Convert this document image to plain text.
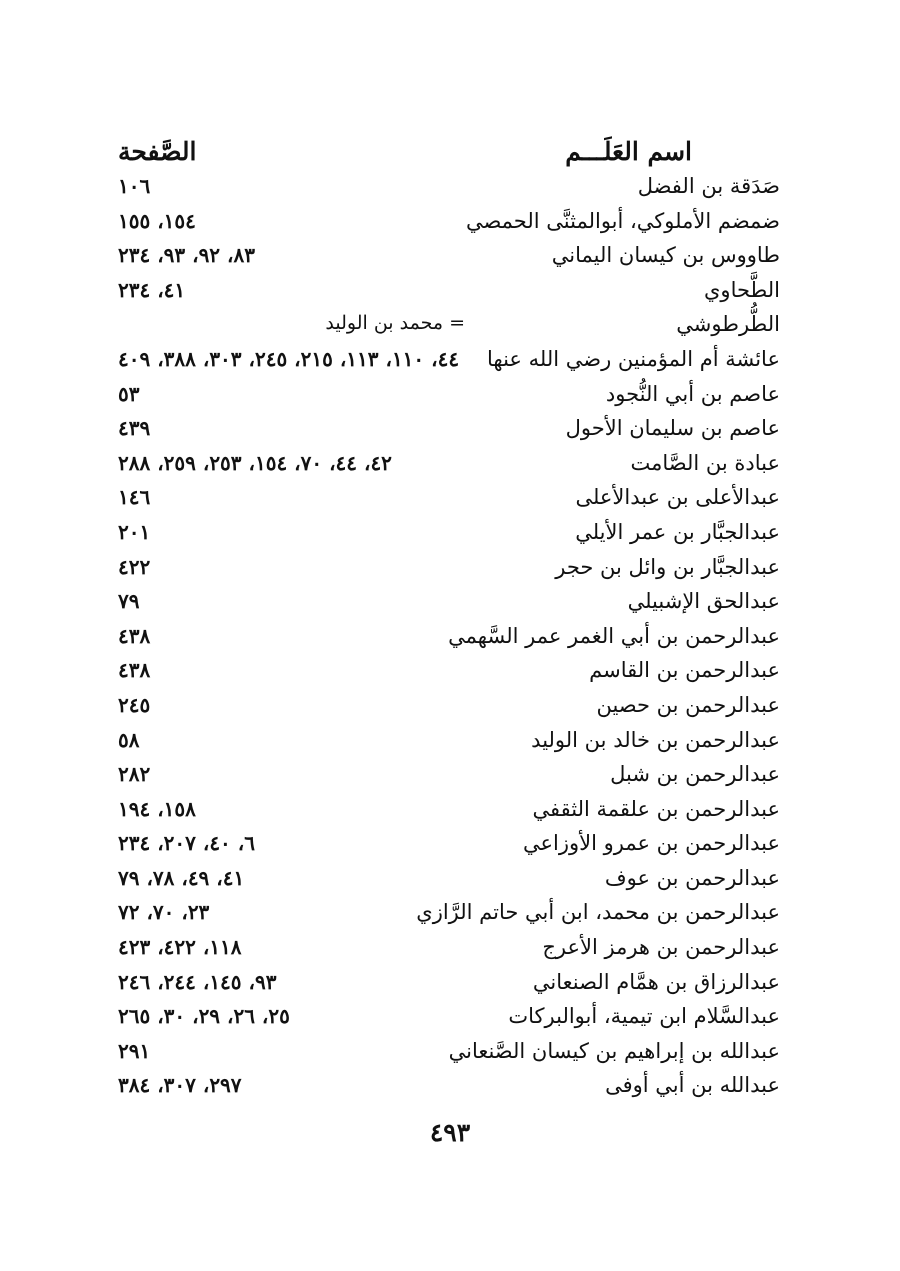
اسم العَلَـــم
الصَّفحة
صَدَقة بن الفضل
١٠٦
ضمضم الأملوكي، أبوالمثنَّى الحمصي
١٥٤، ١٥٥
طاووس بن كيسان اليماني
٨٣، ٩٢، ٩٣، ٢٣٤
الطَّحاوي
٤١، ٢٣٤
الطُّرطوشي
= محمد بن الوليد
عائشة أم المؤمنين رضي الله عنها
٤٤، ١١٠، ١١٣، ٢١٥، ٢٤٥، ٣٠٣، ٣٨٨، ٤٠٩
عاصم بن أبي النُّجود
٥٣
عاصم بن سليمان الأحول
٤٣٩
عبادة بن الصَّامت
٤٢، ٤٤، ٧٠، ١٥٤، ٢٥٣، ٢٥٩، ٢٨٨
عبدالأعلى بن عبدالأعلى
١٤٦
عبدالجبَّار بن عمر الأيلي
٢٠١
عبدالجبَّار بن وائل بن حجر
٤٢٢
عبدالحق الإشبيلي
٧٩
عبدالرحمن بن أبي الغمر عمر السَّهمي
٤٣٨
عبدالرحمن بن القاسم
٤٣٨
عبدالرحمن بن حصين
٢٤٥
عبدالرحمن بن خالد بن الوليد
٥٨
عبدالرحمن بن شبل
٢٨٢
عبدالرحمن بن علقمة الثقفي
١٥٨، ١٩٤
عبدالرحمن بن عمرو الأوزاعي
٦، ٤٠، ٢٠٧، ٢٣٤
عبدالرحمن بن عوف
٤١، ٤٩، ٧٨، ٧٩
عبدالرحمن بن محمد، ابن أبي حاتم الرَّازي
٢٣، ٧٠، ٧٢
عبدالرحمن بن هرمز الأعرج
١١٨، ٤٢٢، ٤٢٣
عبدالرزاق بن همَّام الصنعاني
٩٣، ١٤٥، ٢٤٤، ٢٤٦
عبدالسَّلام ابن تيمية، أبوالبركات
٢٥، ٢٦، ٢٩، ٣٠، ٢٦٥
عبدالله بن إبراهيم بن كيسان الصَّنعاني
٢٩١
عبدالله بن أبي أوفى
٢٩٧، ٣٠٧، ٣٨٤
٤٩٣
